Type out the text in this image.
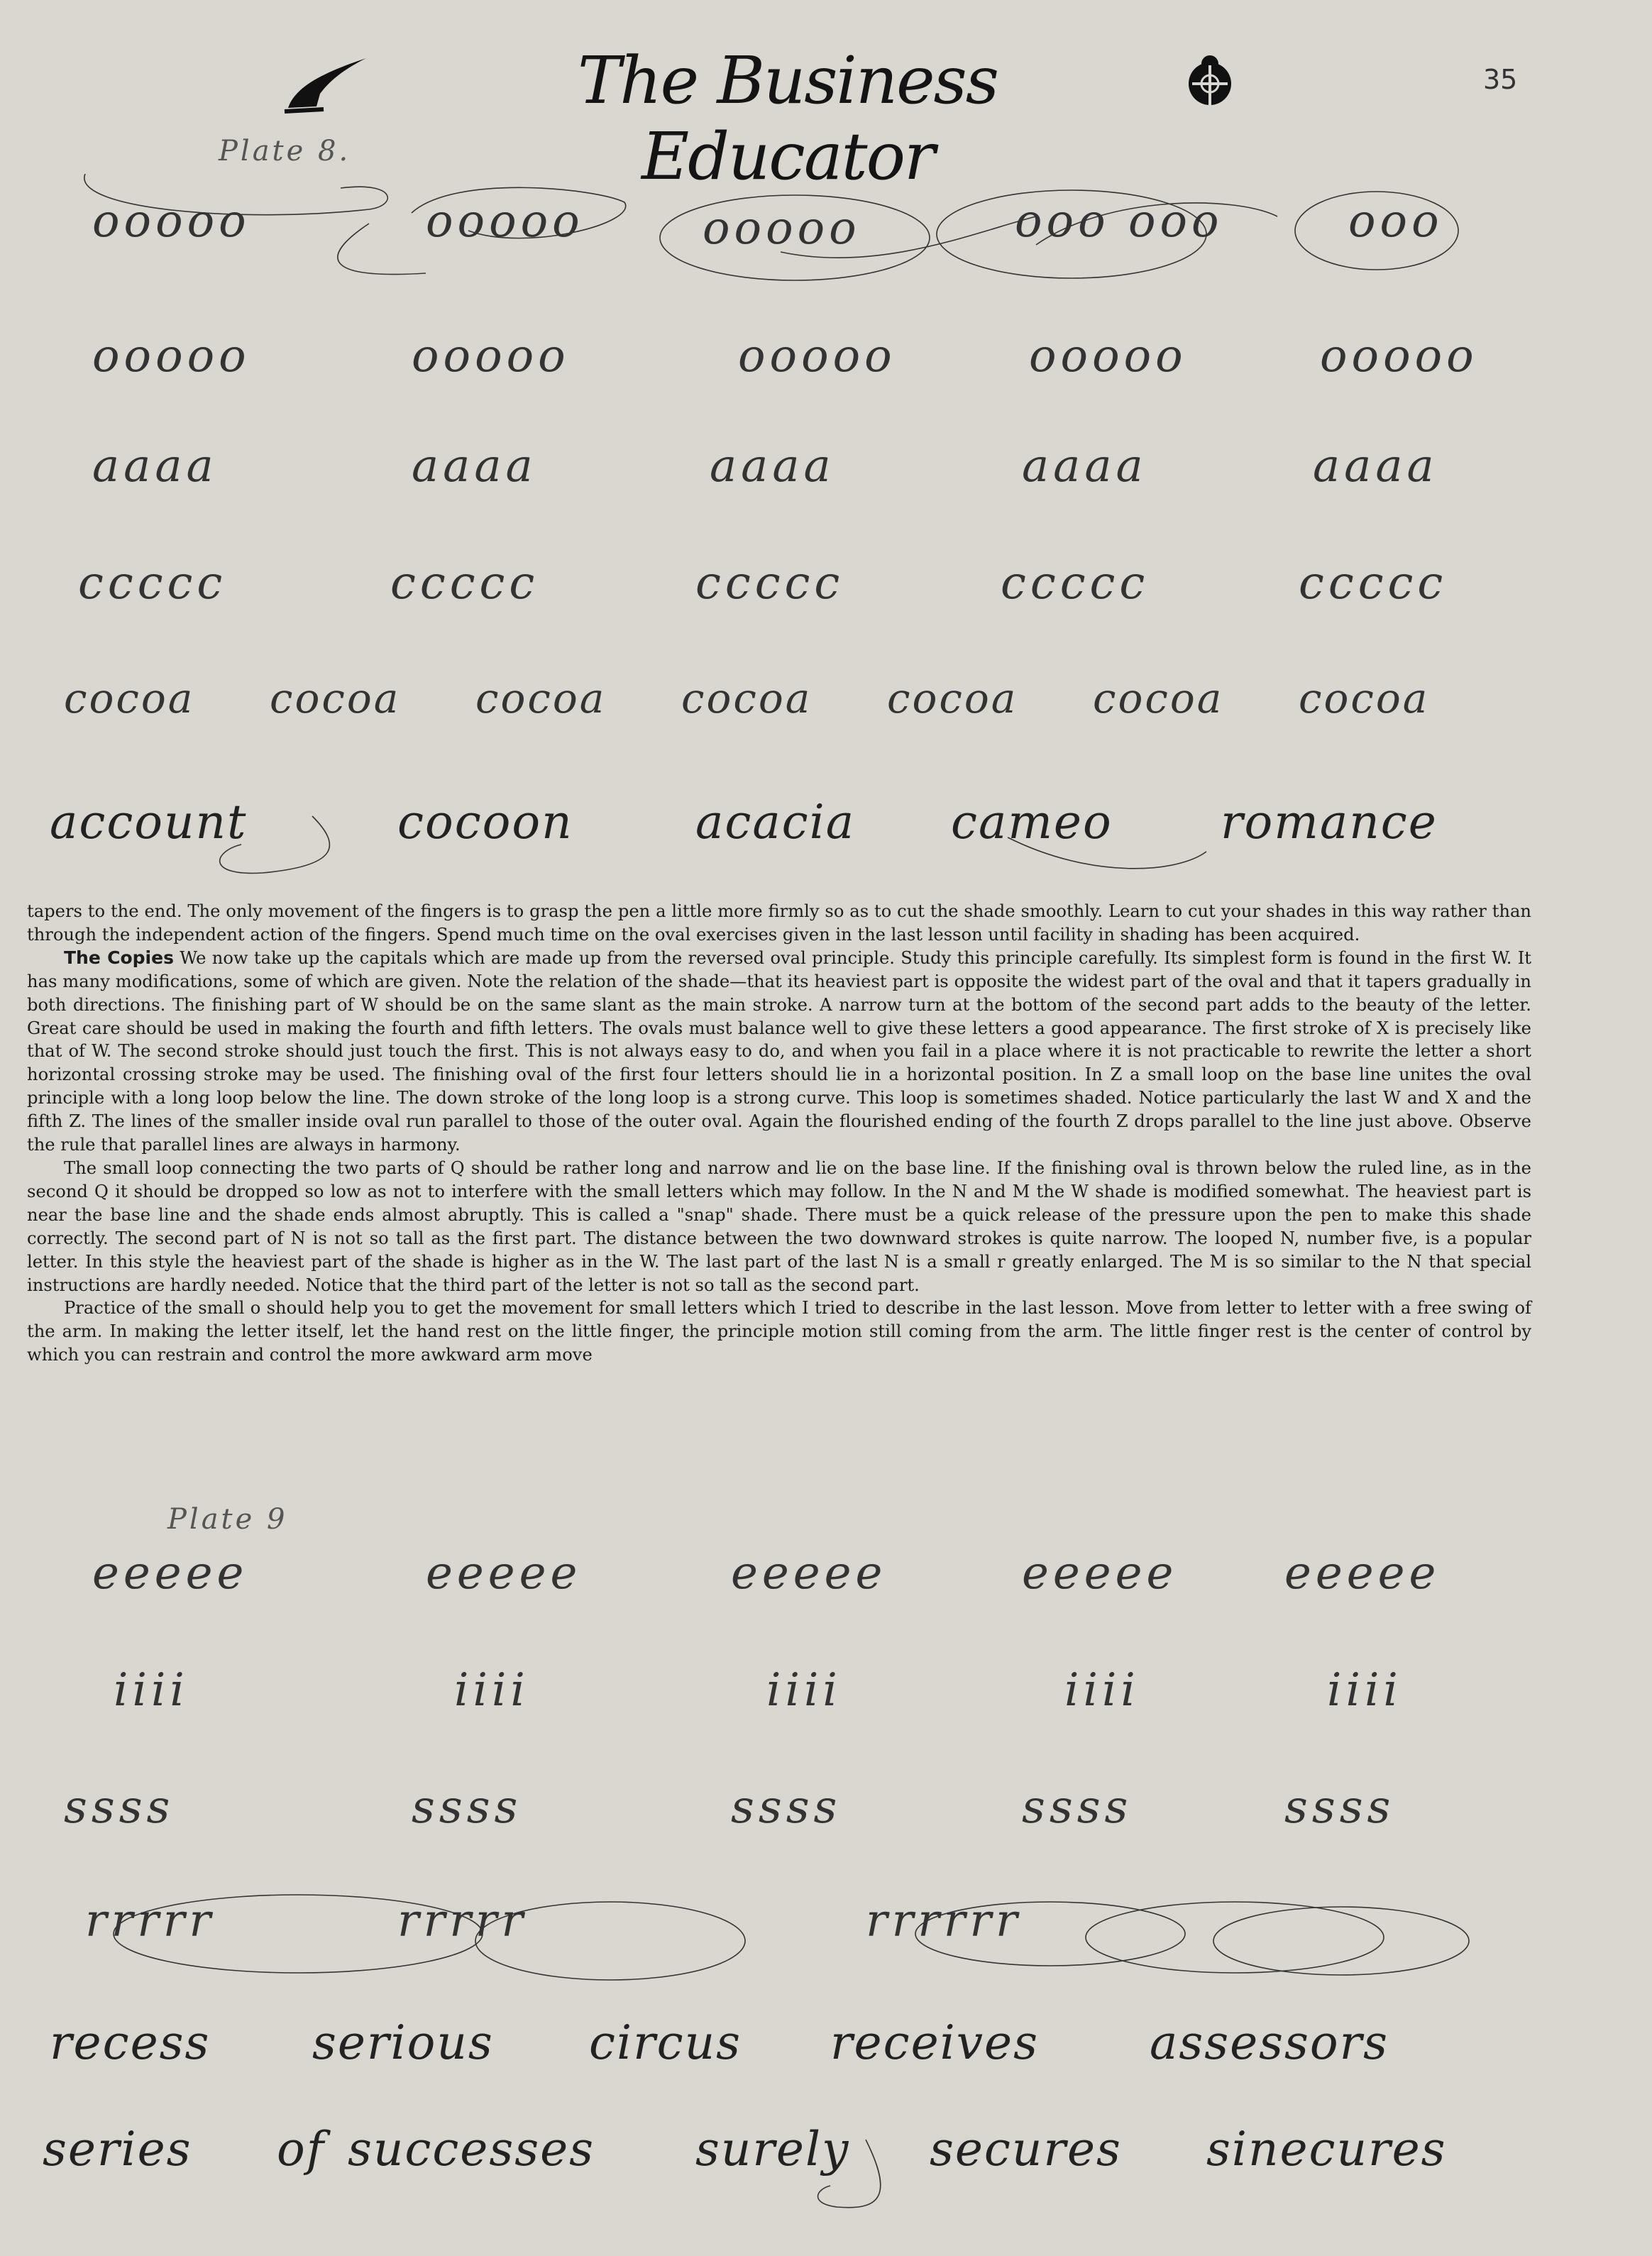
The Business Educator
35
Plate 8.
ooooo	ooooo	ooooo	ooo ooo	ooo
ooooo	ooooo	ooooo	ooooo	ooooo
aaaa	aaaa	aaaa	aaaa	aaaa
ccccc	ccccc	ccccc	ccccc	ccccc
cocoa cocoa cocoa cocoa cocoa cocoa cocoa
account	cocoon	acacia cameo romance

tapers to the end. The only movement of the fingers is to grasp the pen a little more firmly so as to cut the shade smoothly. Learn to cut your shades in this way rather than through the independent action of the fingers. Spend much time on the oval exercises given in the last lesson until facility in shading has been acquired.

The Copies We now take up the capitals which are made up from the reversed oval principle. Study this principle carefully. Its simplest form is found in the first W. It has many modifications, some of which are given. Note the relation of the shade—that its heaviest part is opposite the widest part of the oval and that it tapers gradually in both directions. The finishing part of W should be on the same slant as the main stroke. A narrow turn at the bottom of the second part adds to the beauty of the letter. Great care should be used in making the fourth and fifth letters. The ovals must balance well to give these letters a good appearance. The first stroke of X is precisely like that of W. The second stroke should just touch the first. This is not always easy to do, and when you fail in a place where it is not practicable to rewrite the letter a short horizontal crossing stroke may be used. The finishing oval of the first four letters should lie in a horizontal position. In Z a small loop on the base line unites the oval principle with a long loop below the line. The down stroke of the long loop is a strong curve. This loop is sometimes shaded. Notice particularly the last W and X and the fifth Z. The lines of the smaller inside oval run parallel to those of the outer oval. Again the flourished ending of the fourth Z drops parallel to the line just above. Observe the rule that parallel lines are always in harmony.

The small loop connecting the two parts of Q should be rather long and narrow and lie on the base line. If the finishing oval is thrown below the ruled line, as in the second Q it should be dropped so low as not to interfere with the small letters which may follow. In the N and M the W shade is modified somewhat. The heaviest part is near the base line and the shade ends almost abruptly. This is called a "snap" shade. There must be a quick release of the pressure upon the pen to make this shade correctly. The second part of N is not so tall as the first part. The distance between the two downward strokes is quite narrow. The looped N, number five, is a popular letter. In this style the heaviest part of the shade is higher as in the W. The last part of the last N is a small r greatly enlarged. The M is so similar to the N that special instructions are hardly needed. Notice that the third part of the letter is not so tall as the second part.

Practice of the small o should help you to get the movement for small letters which I tried to describe in the last lesson. Move from letter to letter with a free swing of the arm. In making the letter itself, let the hand rest on the little finger, the principle motion still coming from the arm. The little finger rest is the center of control by which you can restrain and control the more awkward arm move

Plate 9
eeeee	eeeee	eeeee	eeeee eeeee
iiii	iiii	iiii	iiii	iiii
ssss	ssss	ssss	ssss	ssss
rrrrr	rrrrr	rrrrrr
recess serious circus receives assessors
series of successes surely secures sinecures
